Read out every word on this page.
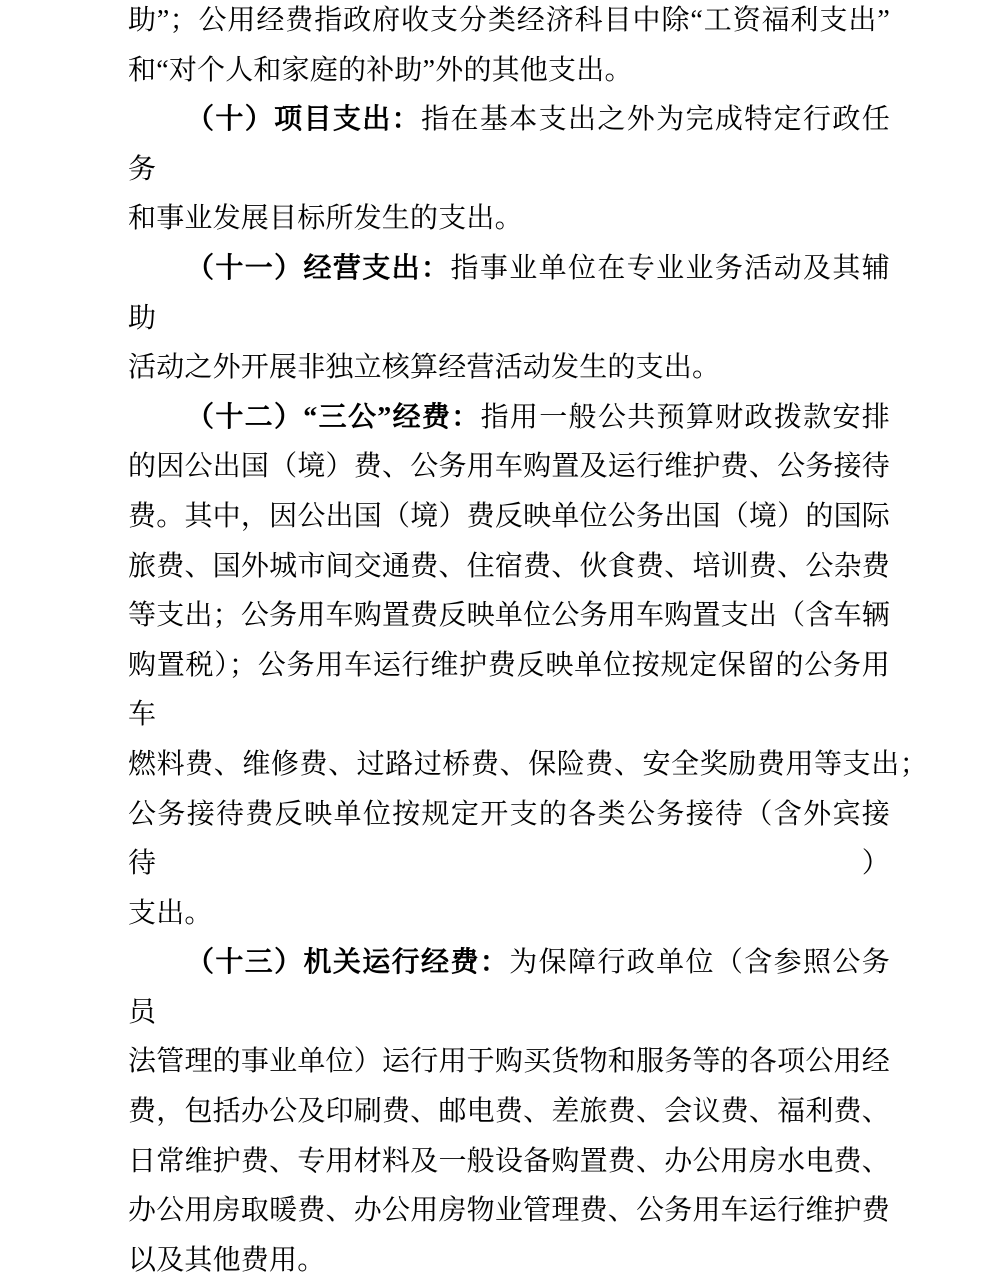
助”；公用经费指政府收支分类经济科目中除“工资福利支出”
和“对个人和家庭的补助”外的其他支出。
（十）项目支出：指在基本支出之外为完成特定行政任务
和事业发展目标所发生的支出。
（十一）经营支出：指事业单位在专业业务活动及其辅助
活动之外开展非独立核算经营活动发生的支出。
（十二）“三公”经费：指用一般公共预算财政拨款安排
的因公出国（境）费、公务用车购置及运行维护费、公务接待
费。其中，因公出国（境）费反映单位公务出国（境）的国际
旅费、国外城市间交通费、住宿费、伙食费、培训费、公杂费
等支出；公务用车购置费反映单位公务用车购置支出（含车辆
购置税）；公务用车运行维护费反映单位按规定保留的公务用车
燃料费、维修费、过路过桥费、保险费、安全奖励费用等支出；
公务接待费反映单位按规定开支的各类公务接待（含外宾接待）
支出。
（十三）机关运行经费：为保障行政单位（含参照公务员
法管理的事业单位）运行用于购买货物和服务等的各项公用经
费，包括办公及印刷费、邮电费、差旅费、会议费、福利费、
日常维护费、专用材料及一般设备购置费、办公用房水电费、
办公用房取暖费、办公用房物业管理费、公务用车运行维护费
以及其他费用。
